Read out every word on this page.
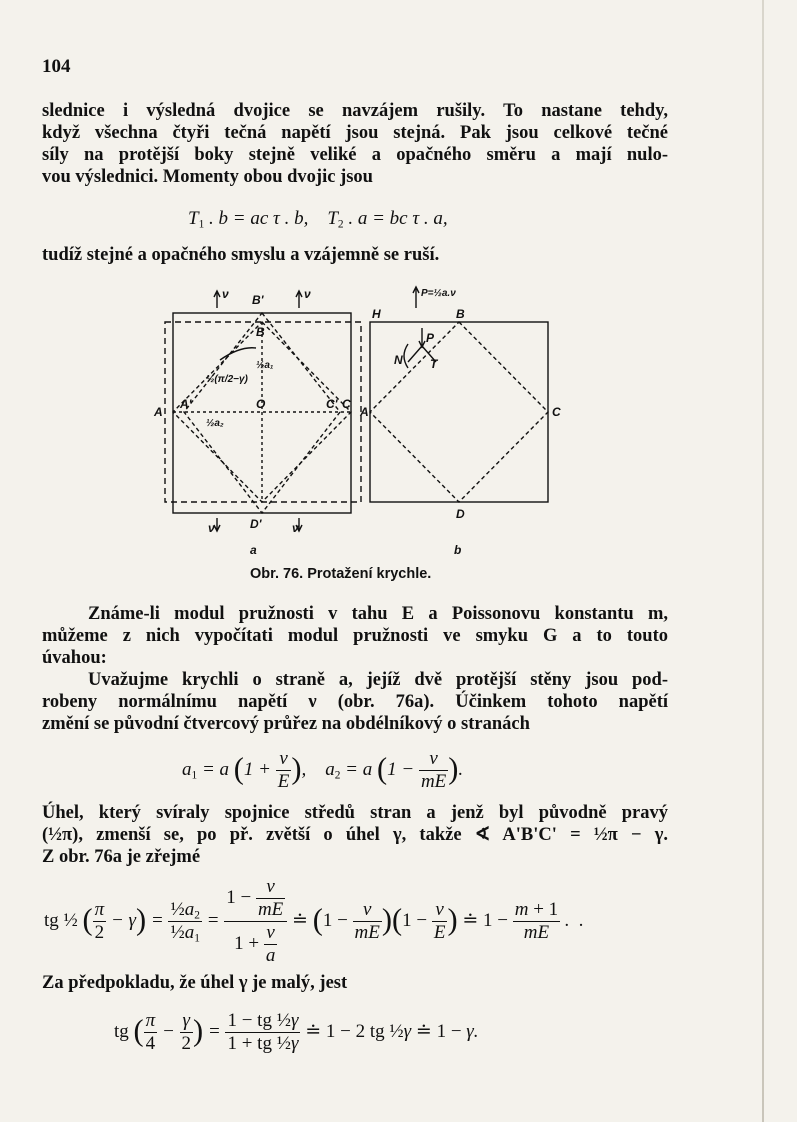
104
slednice i výsledná dvojice se navzájem rušily. To nastane tehdy,
když všechna čtyři tečná napětí jsou stejná. Pak jsou celkové tečné
síly na protější boky stejně veliké a opačného směru a mají nulo-
vou výslednici. Momenty obou dvojic jsou
$T_1$ . b = ac τ . b,    $T_2$ . a = bc τ . a,
tudíž stejné a opačného smyslu a vzájemně se ruší.
ν B'	ν
B
½a₁
½(π/2−γ)
A
A'	O	C' C
½a₂
D'
ν	ν
a
P=½a.ν
H	B
P
N T
A	C
D
b
Obr. 76. Protažení krychle.
Známe-li modul pružnosti v tahu E a Poissonovu konstantu m,
můžeme z nich vypočítati modul pružnosti ve smyku G a to touto
úvahou:
Uvažujme krychli o straně a, jejíž dvě protější stěny jsou pod-
robeny normálnímu napětí ν (obr. 76a). Účinkem tohoto napětí
změní se původní čtvercový průřez na obdélníkový o stranách
$a_1 = a$ ($1 + \frac{\nu}{E}$ ),    $a_2 = a$ ($1 - \frac{\nu}{mE}$ ).
Úhel, který svíraly spojnice středů stran a jenž byl původně pravý
(½π), zmenší se, po př. zvětší o úhel γ, takže ∢ A'B'C' = ½π − γ.
Z obr. 76a je zřejmé
tg ½ ( $\frac{\pi}{2} - \gamma) = \frac{\frac{1}{2}a_2}{\frac{1}{2}a_1} = \frac{1 - \frac{\nu}{mE}}{1 + \frac{\nu}{a}}$ ≐ $(1 - \frac{\nu}{mE} )(1 - \frac{\nu}{E}$ ) ≐ $1 - \frac{m + 1}{mE}$ .  .
Za předpokladu, že úhel γ je malý, jest
tg ( $\frac{\pi}{4} - \frac{\gamma}{2}$ ) = $\frac{\text{1 − tg ½γ}}{\text{1 + tg ½γ}}$ ≐ 1 − 2 tg ½γ ≐ 1 − γ.
